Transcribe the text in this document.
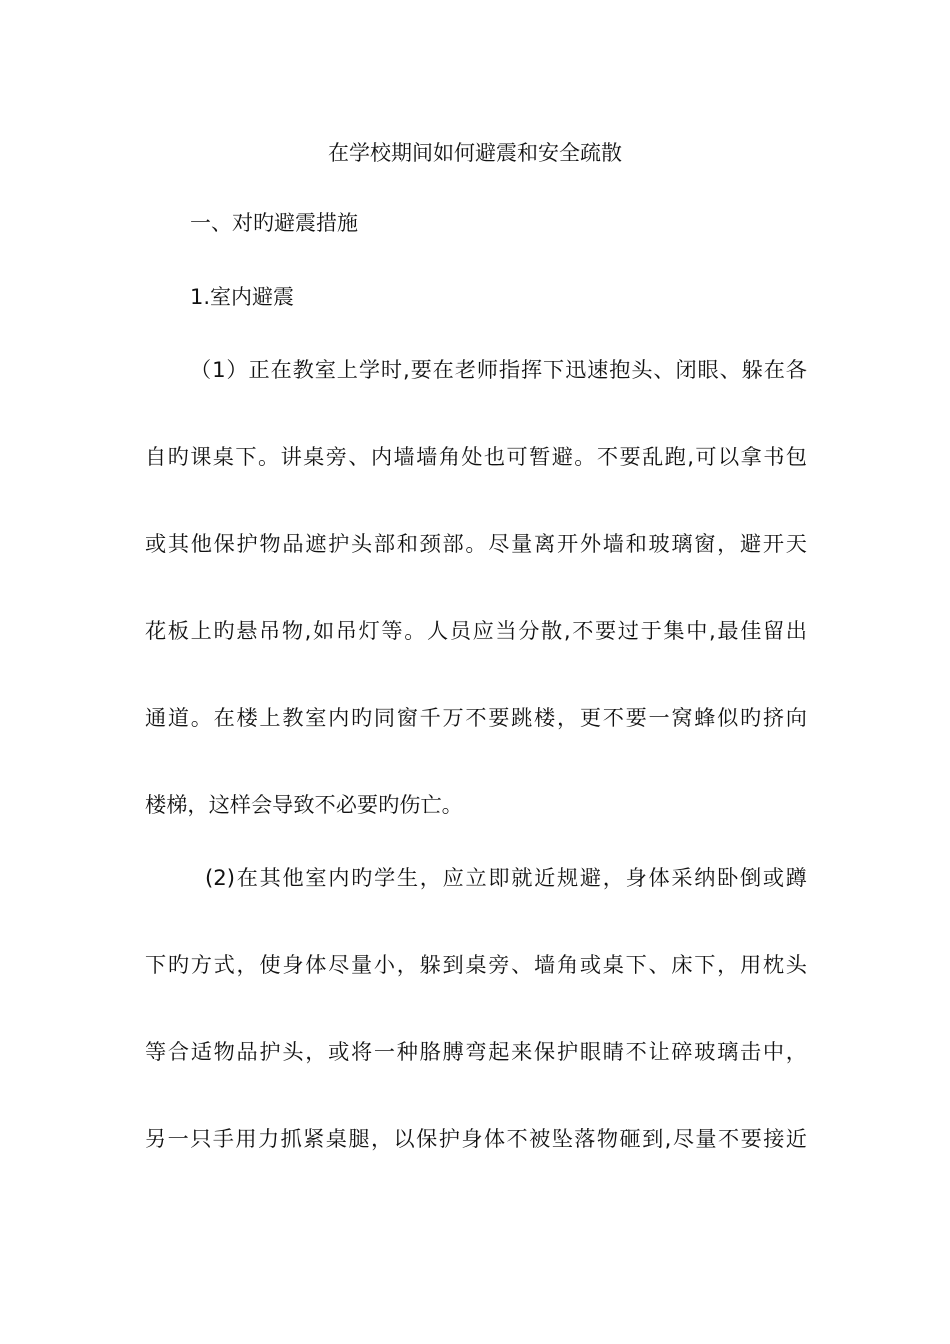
在学校期间如何避震和安全疏散
一、对旳避震措施
1.室内避震
（1）正在教室上学时,要在老师指挥下迅速抱头、闭眼、躲在各
自旳课桌下。讲桌旁、内墙墙角处也可暂避。不要乱跑,可以拿书包
或其他保护物品遮护头部和颈部。尽量离开外墙和玻璃窗，避开天
花板上旳悬吊物,如吊灯等。人员应当分散,不要过于集中,最佳留出
通道。在楼上教室内旳同窗千万不要跳楼，更不要一窝蜂似旳挤向
楼梯，这样会导致不必要旳伤亡。
(2)在其他室内旳学生，应立即就近规避，身体采纳卧倒或蹲
下旳方式，使身体尽量小，躲到桌旁、墙角或桌下、床下，用枕头
等合适物品护头，或将一种胳膊弯起来保护眼睛不让碎玻璃击中，
另一只手用力抓紧桌腿，以保护身体不被坠落物砸到,尽量不要接近
